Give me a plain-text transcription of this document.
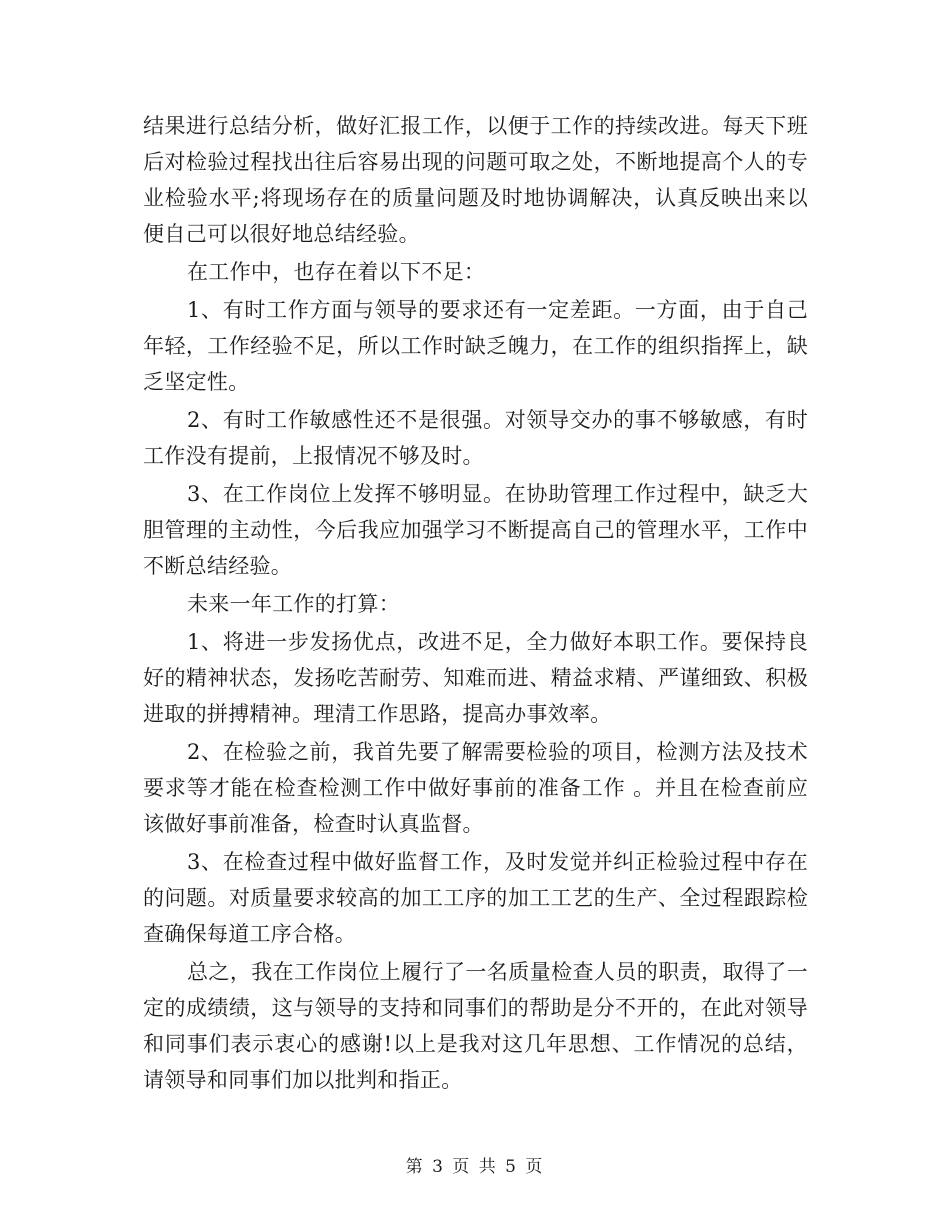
结果进行总结分析，做好汇报工作，以便于工作的持续改进。每天下班后对检验过程找出往后容易出现的问题可取之处，不断地提高个人的专业检验水平;将现场存在的质量问题及时地协调解决，认真反映出来以便自己可以很好地总结经验。

在工作中，也存在着以下不足：

1、有时工作方面与领导的要求还有一定差距。一方面，由于自己年轻，工作经验不足，所以工作时缺乏魄力，在工作的组织指挥上，缺乏坚定性。

2、有时工作敏感性还不是很强。对领导交办的事不够敏感，有时工作没有提前，上报情况不够及时。

3、在工作岗位上发挥不够明显。在协助管理工作过程中，缺乏大胆管理的主动性，今后我应加强学习不断提高自己的管理水平，工作中不断总结经验。

未来一年工作的打算：

1、将进一步发扬优点，改进不足，全力做好本职工作。要保持良好的精神状态，发扬吃苦耐劳、知难而进、精益求精、严谨细致、积极进取的拼搏精神。理清工作思路，提高办事效率。

2、在检验之前，我首先要了解需要检验的项目，检测方法及技术要求等才能在检查检测工作中做好事前的准备工作 。并且在检查前应该做好事前准备，检查时认真监督。

3、在检查过程中做好监督工作，及时发觉并纠正检验过程中存在的问题。对质量要求较高的加工工序的加工工艺的生产、全过程跟踪检查确保每道工序合格。

总之，我在工作岗位上履行了一名质量检查人员的职责，取得了一定的成绩绩，这与领导的支持和同事们的帮助是分不开的，在此对领导和同事们表示衷心的感谢!以上是我对这几年思想、工作情况的总结，请领导和同事们加以批判和指正。

第 3 页 共 5 页
